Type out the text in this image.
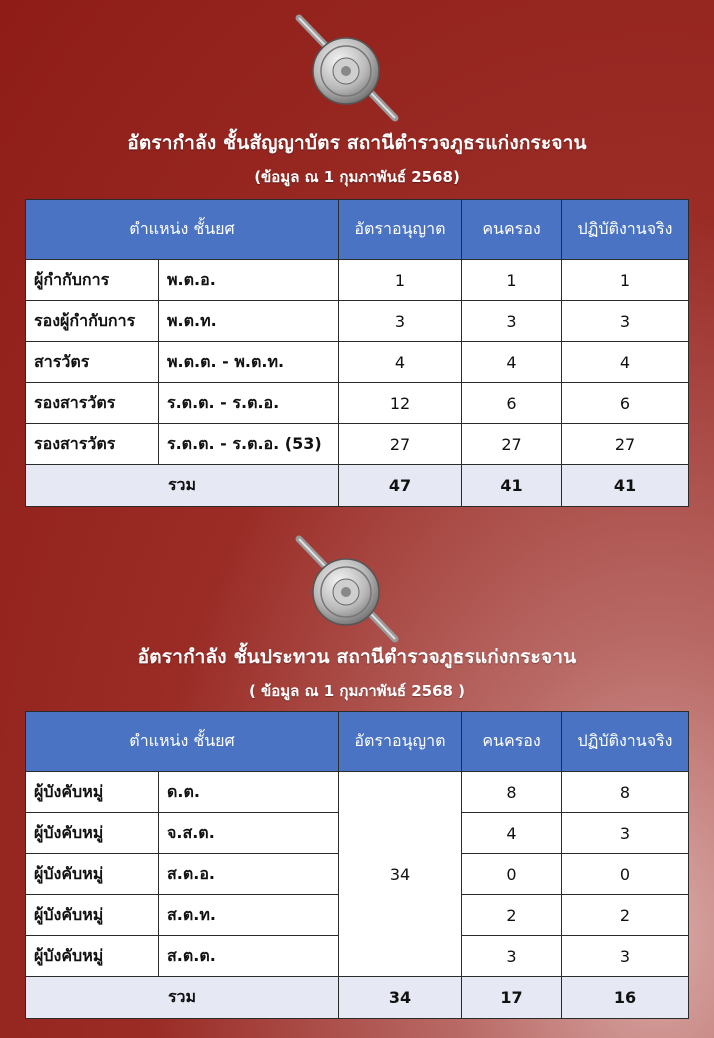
อัตรากำลัง ชั้นสัญญาบัตร สถานีตำรวจภูธรแก่งกระจาน
(ข้อมูล ณ 1 กุมภาพันธ์ 2568)
ตำแหน่ง ชั้นยศ		อัตราอนุญาต	คนครอง	ปฏิบัติงานจริง
ผู้กำกับการ	พ.ต.อ.	1	1	1
รองผู้กำกับการ	พ.ต.ท.	3	3	3
สารวัตร	พ.ต.ต. - พ.ต.ท.	4	4	4
รองสารวัตร	ร.ต.ต. - ร.ต.อ.	12	6	6
รองสารวัตร	ร.ต.ต. - ร.ต.อ. (53)	27	27	27
รวม		47	41	41
อัตรากำลัง ชั้นประทวน สถานีตำรวจภูธรแก่งกระจาน
( ข้อมูล ณ 1 กุมภาพันธ์ 2568 )
ตำแหน่ง ชั้นยศ		อัตราอนุญาต	คนครอง	ปฏิบัติงานจริง
ผู้บังคับหมู่	ด.ต.	34	8	8
ผู้บังคับหมู่	จ.ส.ต.		4	3
ผู้บังคับหมู่	ส.ต.อ.		0	0
ผู้บังคับหมู่	ส.ต.ท.		2	2
ผู้บังคับหมู่	ส.ต.ต.		3	3
รวม		34	17	16
